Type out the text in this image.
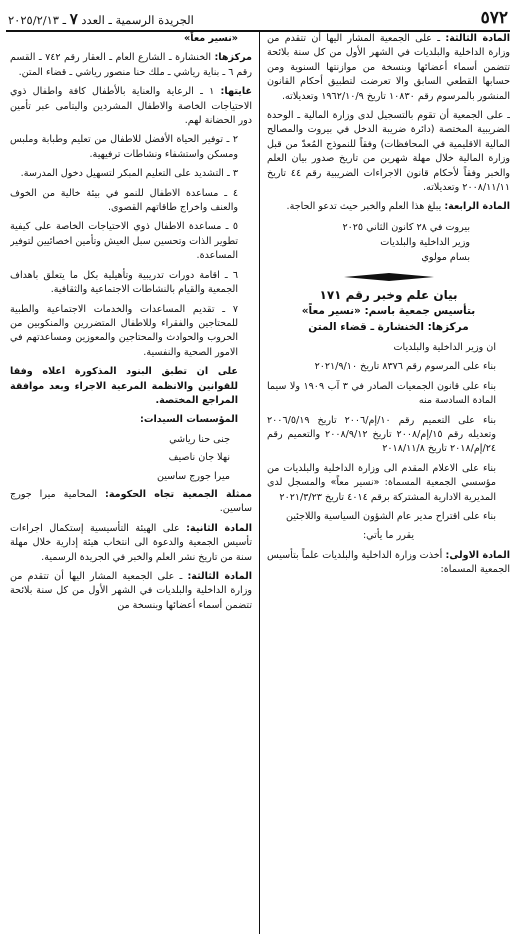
٥٧٢
الجريدة الرسمية ـ العدد ٧ ـ ٢٠٢٥/٢/١٣

المادة الثالثة: ـ على الجمعية المشار اليها أن تتقدم من وزارة الداخلية والبلديات في الشهر الأول من كل سنة بلائحة تتضمن أسماء أعضائها وبنسخة من موازنتها السنوية ومن حسابها القطعي السابق والا تعرضت لتطبيق أحكام القانون المنشور بالمرسوم رقم ١٠٨٣٠ تاريخ ١٩٦٢/١٠/٩ وتعديلاته.

ـ على الجمعية أن تقوم بالتسجيل لدى وزارة المالية ـ الوحدة الضريبية المختصة (دائرة ضريبة الدخل في بيروت والمصالح المالية الاقليمية في المحافظات) وفقاً للنموذج المُعدّ من قبل وزارة المالية خلال مهلة شهرين من تاريخ صدور بيان العلم والخبر وفقاً لأحكام قانون الاجراءات الضريبية رقم ٤٤ تاريخ ٢٠٠٨/١١/١١ وتعديلاته.

المادة الرابعة: يبلغ هذا العلم والخبر حيث تدعو الحاجة.

بيروت في ٢٨ كانون الثاني ٢٠٢٥
وزير الداخلية والبلديات
بسام مولوي

بيان علم وخبر رقم ١٧١

بتأسيس جمعية باسم: «نسير معاً»

مركزها: الخنشارة ـ قضاء المتن

ان وزير الداخلية والبلديات

بناء على المرسوم رقم ٨٣٧٦ تاريخ ٢٠٢١/٩/١٠

بناء على قانون الجمعيات الصادر في ٣ آب ١٩٠٩ ولا سيما المادة السادسة منه

بناء على التعميم رقم ١٠/إم/٢٠٠٦ تاريخ ٢٠٠٦/٥/١٩ وتعديله رقم ١٥/إم/٢٠٠٨ تاريخ ٢٠٠٨/٩/١٢ والتعميم رقم ٢٤/إم/٢٠١٨ تاريخ ٢٠١٨/١١/٨

بناء على الاعلام المقدم الى وزارة الداخلية والبلديات من مؤسسي الجمعية المسماة: «نسير معاً» والمسجل لدى المديرية الادارية المشتركة برقم ٤٠١٤ تاريخ ٢٠٢١/٣/٢٣

بناء على اقتراح مدير عام الشؤون السياسية واللاجئين

يقرر ما يأتي:

المادة الاولى: أخذت وزارة الداخلية والبلديات علماً بتأسيس الجمعية المسماة:

«نسير معاً»

مركزها: الخنشارة ـ الشارع العام ـ العقار رقم ٧٤٢ ـ القسم رقم ٦ ـ بناية رياشي ـ ملك حنا منصور رياشي ـ قضاء المتن.

غايتها: ١ ـ الرعاية والعناية بالأطفال كافة واطفال ذوي الاحتياجات الخاصة والاطفال المشردين واليتامى عبر تأمين دور الحضانة لهم.

٢ ـ توفير الحياة الأفضل للاطفال من تعليم وطبابة وملبس ومسكن واستشفاء ونشاطات ترفيهية.

٣ ـ التشديد على التعليم المبكر لتسهيل دخول المدرسة.

٤ ـ مساعدة الاطفال للنمو في بيئة خالية من الخوف والعنف واخراج طاقاتهم القصوى.

٥ ـ مساعدة الاطفال ذوي الاحتياجات الخاصة على كيفية تطوير الذات وتحسين سبل العيش وتأمين اخصائيين لتوفير المساعدة.

٦ ـ اقامة دورات تدريبية وتأهيلية بكل ما يتعلق باهداف الجمعية والقيام بالنشاطات الاجتماعية والثقافية.

٧ ـ تقديم المساعدات والخدمات الاجتماعية والطبية للمحتاجين والفقراء وللاطفال المتضررين والمنكوبين من الحروب والحوادث والمحتاجين والمعوزين ومساعدتهم في الامور الصحية والنفسية.

على ان تطبق البنود المذكورة اعلاه وفقا للقوانين والانظمة المرعية الاجراء وبعد موافقة المراجع المختصة.

المؤسسات السيدات:

جنى حنا رياشي
نهلا جان ناصيف
ميرا جورج ساسين

ممثلة الجمعية تجاه الحكومة: المحامية ميرا جورج ساسين.

المادة الثانية: على الهيئة التأسيسية إستكمال اجراءات تأسيس الجمعية والدعوة الى انتخاب هيئة إدارية خلال مهلة سنة من تاريخ نشر العلم والخبر في الجريدة الرسمية.

المادة الثالثة: ـ على الجمعية المشار اليها أن تتقدم من وزارة الداخلية والبلديات في الشهر الأول من كل سنة بلائحة تتضمن أسماء أعضائها وبنسخة من
